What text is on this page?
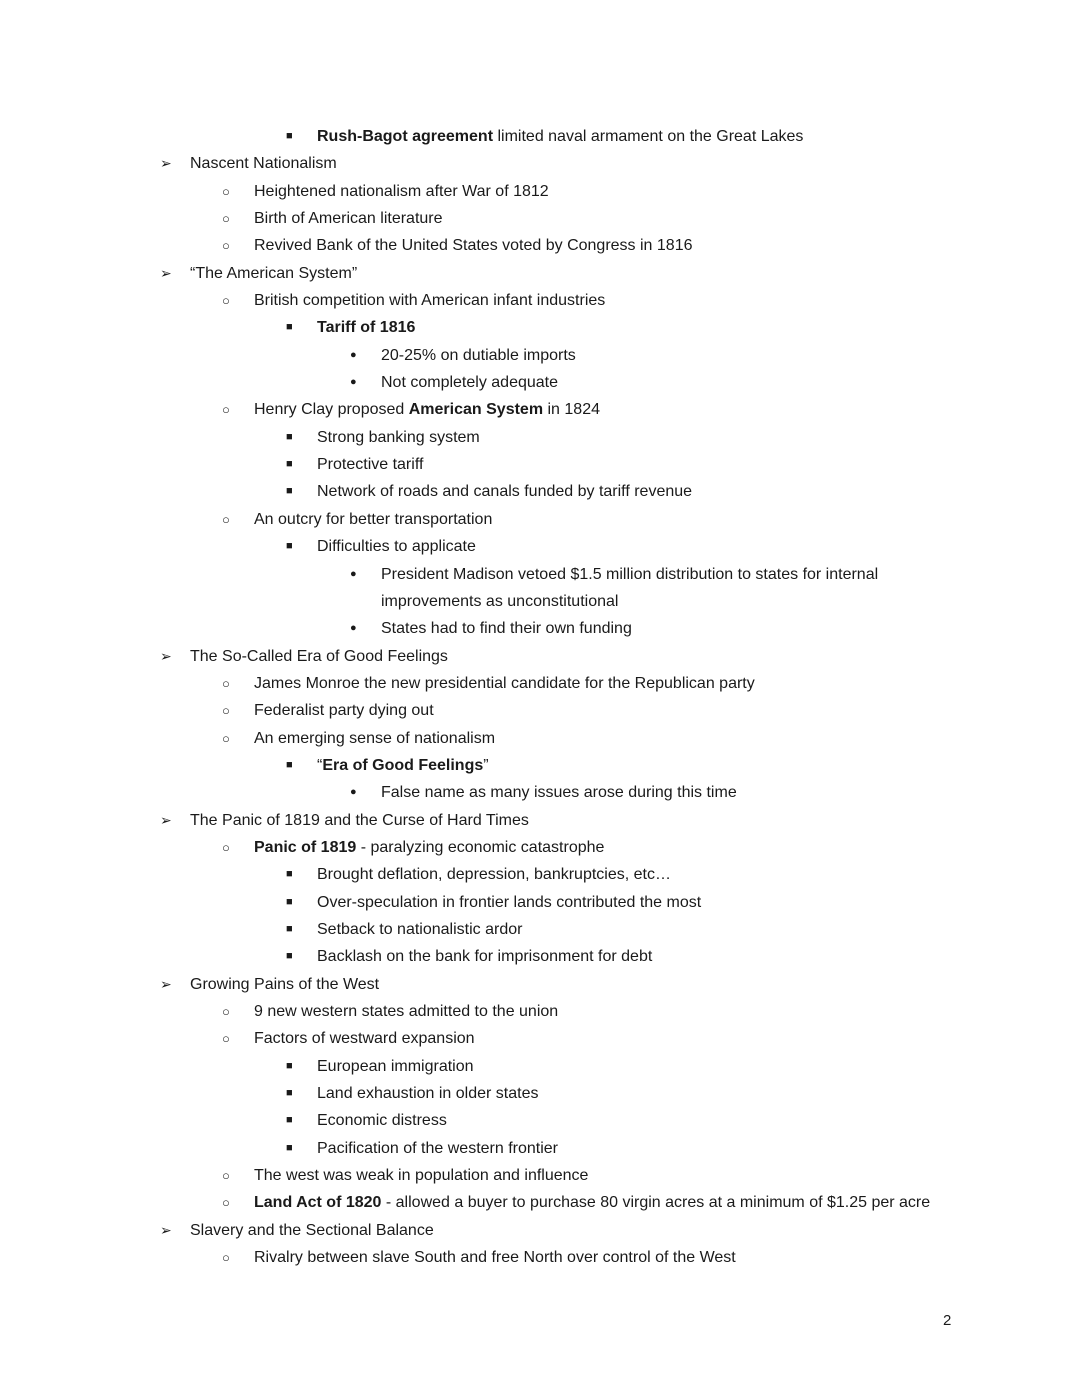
■ Rush-Bagot agreement limited naval armament on the Great Lakes
➢ Nascent Nationalism
○ Heightened nationalism after War of 1812
○ Birth of American literature
○ Revived Bank of the United States voted by Congress in 1816
➢ “The American System”
○ British competition with American infant industries
■ Tariff of 1816
● 20-25% on dutiable imports
● Not completely adequate
○ Henry Clay proposed American System in 1824
■ Strong banking system
■ Protective tariff
■ Network of roads and canals funded by tariff revenue
○ An outcry for better transportation
■ Difficulties to applicate
● President Madison vetoed $1.5 million distribution to states for internal
improvements as unconstitutional
● States had to find their own funding
➢ The So-Called Era of Good Feelings
○ James Monroe the new presidential candidate for the Republican party
○ Federalist party dying out
○ An emerging sense of nationalism
■ “Era of Good Feelings”
● False name as many issues arose during this time
➢ The Panic of 1819 and the Curse of Hard Times
○ Panic of 1819 - paralyzing economic catastrophe
■ Brought deflation, depression, bankruptcies, etc…
■ Over-speculation in frontier lands contributed the most
■ Setback to nationalistic ardor
■ Backlash on the bank for imprisonment for debt
➢ Growing Pains of the West
○ 9 new western states admitted to the union
○ Factors of westward expansion
■ European immigration
■ Land exhaustion in older states
■ Economic distress
■ Pacification of the western frontier
○ The west was weak in population and influence
○ Land Act of 1820 - allowed a buyer to purchase 80 virgin acres at a minimum of $1.25 per acre
➢ Slavery and the Sectional Balance
○ Rivalry between slave South and free North over control of the West
2
